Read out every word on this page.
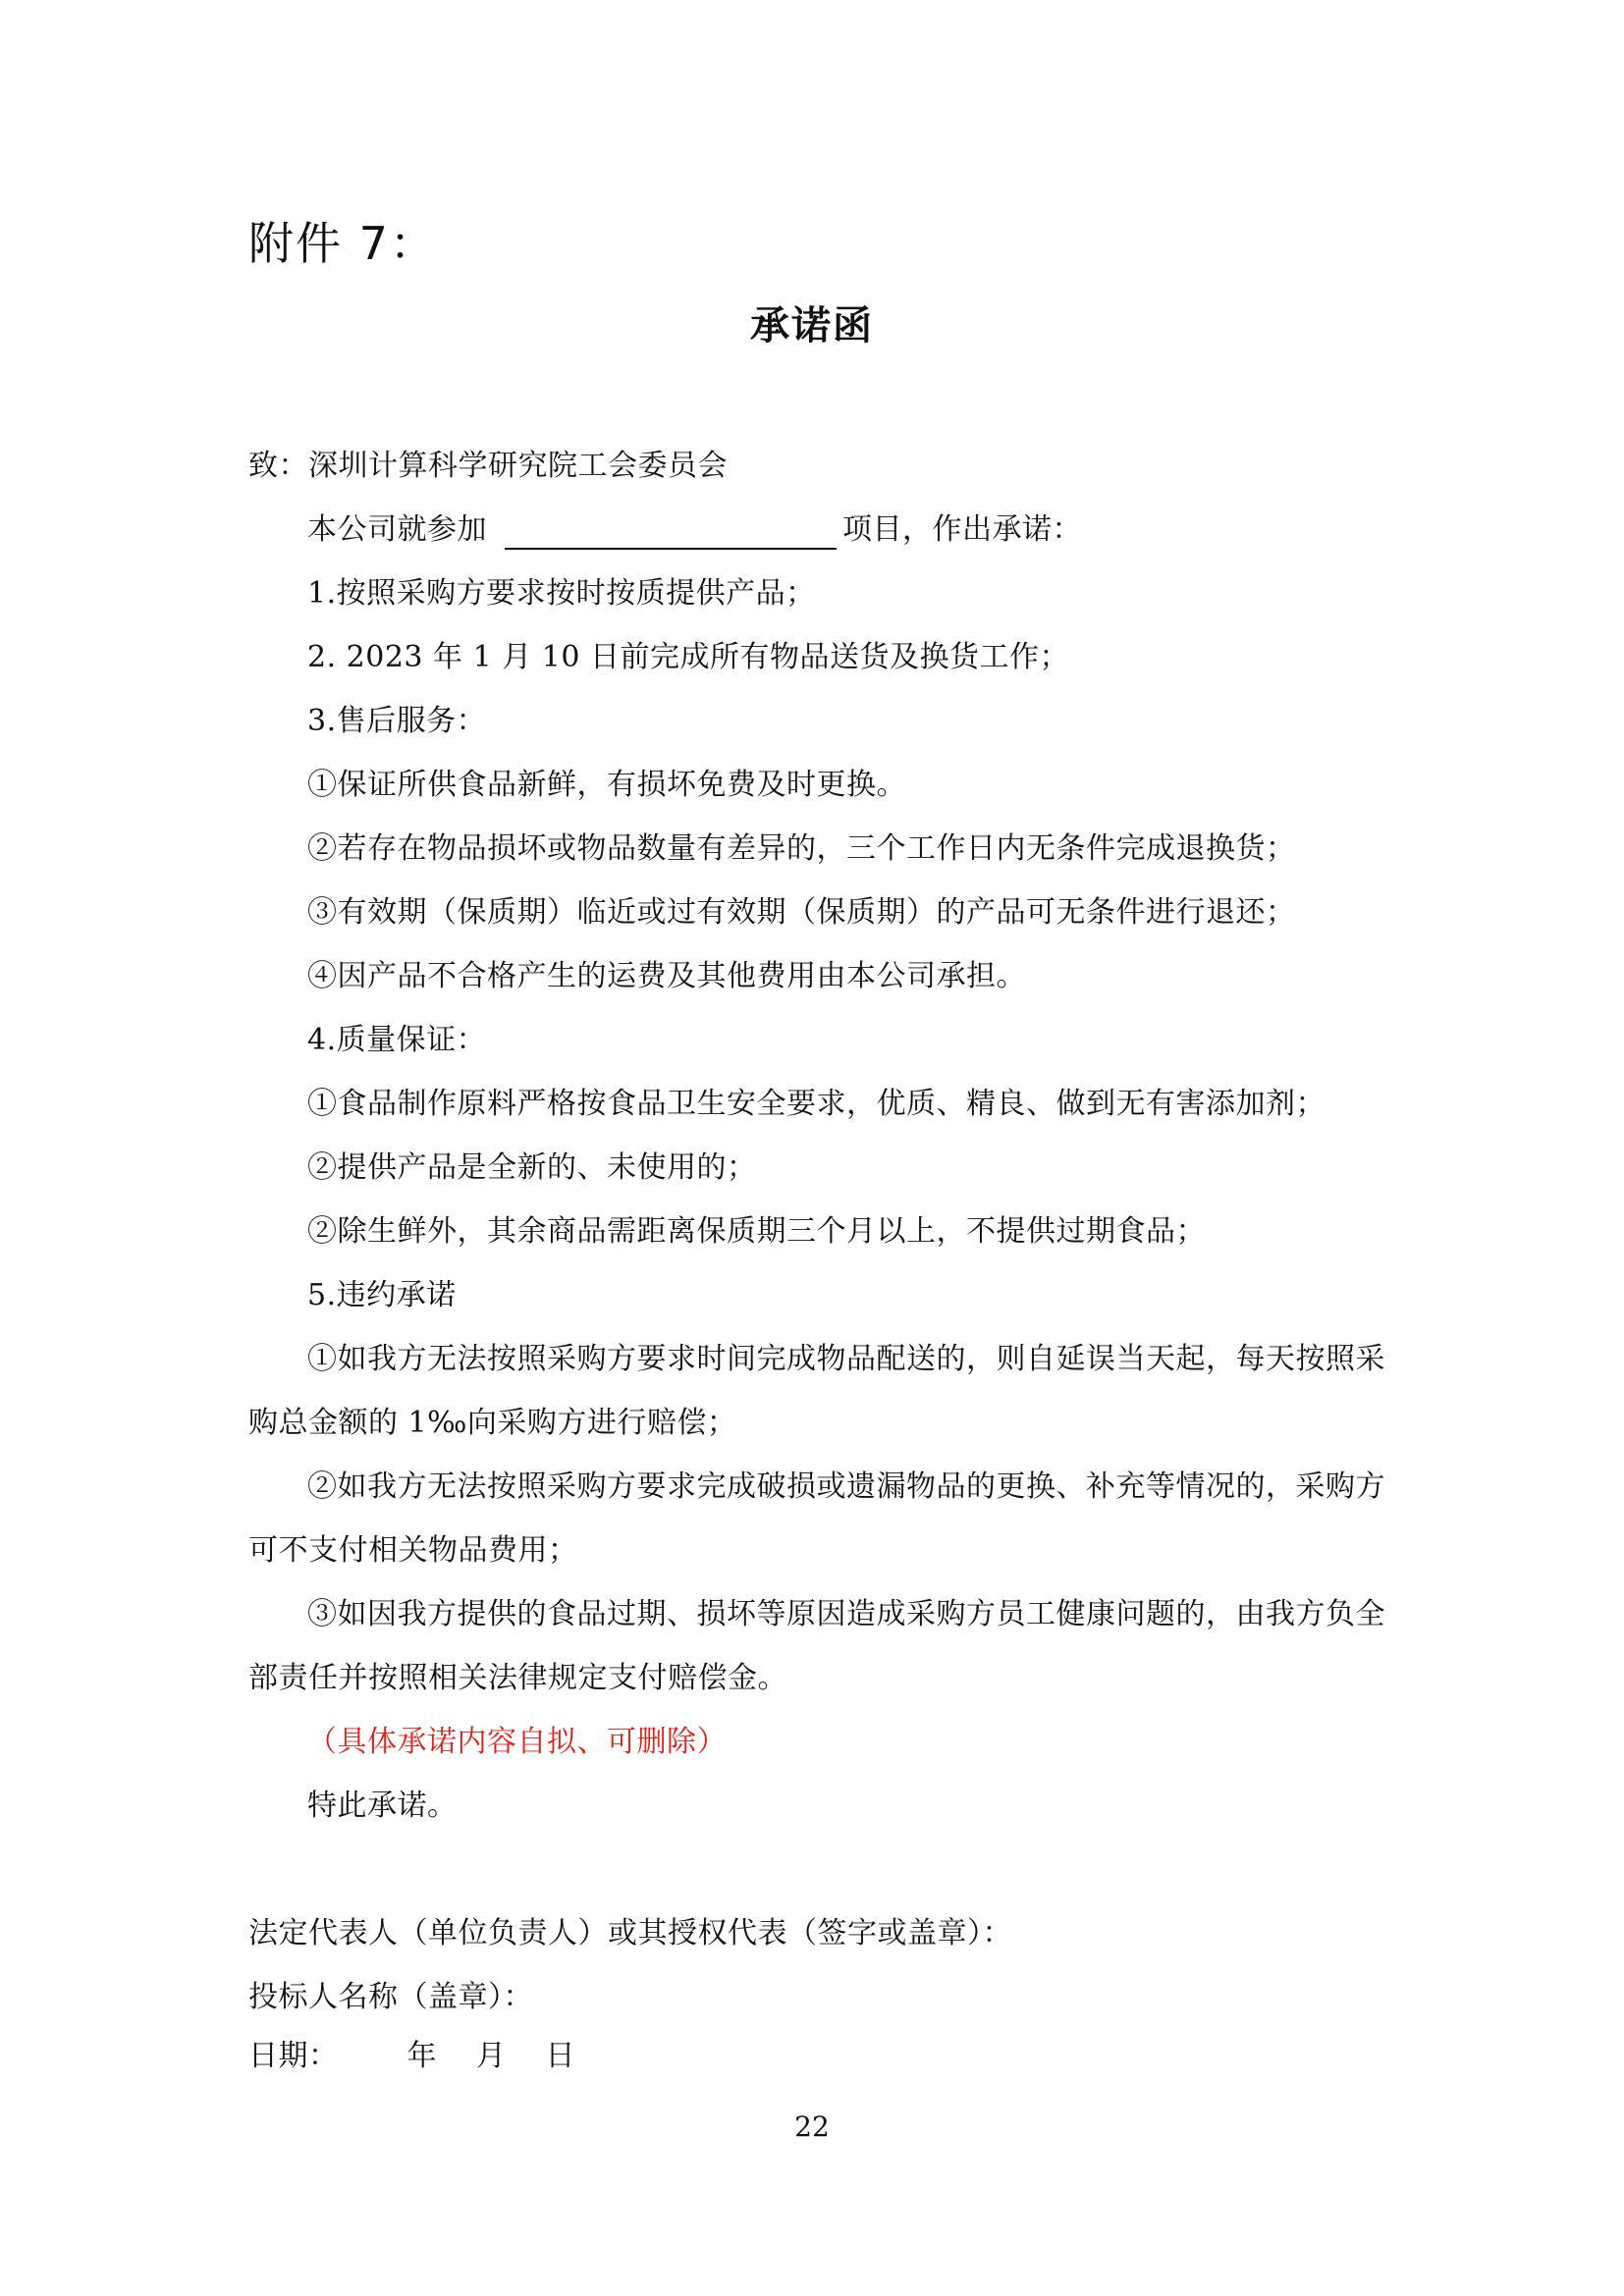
附件 7：
承诺函
致：深圳计算科学研究院工会委员会
本公司就参加	项目，作出承诺：
1.按照采购方要求按时按质提供产品；
2. 2023 年 1 月 10 日前完成所有物品送货及换货工作；
3.售后服务：
①保证所供食品新鲜，有损坏免费及时更换。
②若存在物品损坏或物品数量有差异的，三个工作日内无条件完成退换货；
③有效期（保质期）临近或过有效期（保质期）的产品可无条件进行退还；
④因产品不合格产生的运费及其他费用由本公司承担。
4.质量保证：
①食品制作原料严格按食品卫生安全要求，优质、精良、做到无有害添加剂；
②提供产品是全新的、未使用的；
②除生鲜外，其余商品需距离保质期三个月以上，不提供过期食品；
5.违约承诺
①如我方无法按照采购方要求时间完成物品配送的，则自延误当天起，每天按照采
购总金额的 1‰向采购方进行赔偿；
②如我方无法按照采购方要求完成破损或遗漏物品的更换、补充等情况的，采购方
可不支付相关物品费用；
③如因我方提供的食品过期、损坏等原因造成采购方员工健康问题的，由我方负全
部责任并按照相关法律规定支付赔偿金。
（具体承诺内容自拟、可删除）
特此承诺。
法定代表人（单位负责人）或其授权代表（签字或盖章）：
投标人名称（盖章）：
日期： 年 月 日
22
